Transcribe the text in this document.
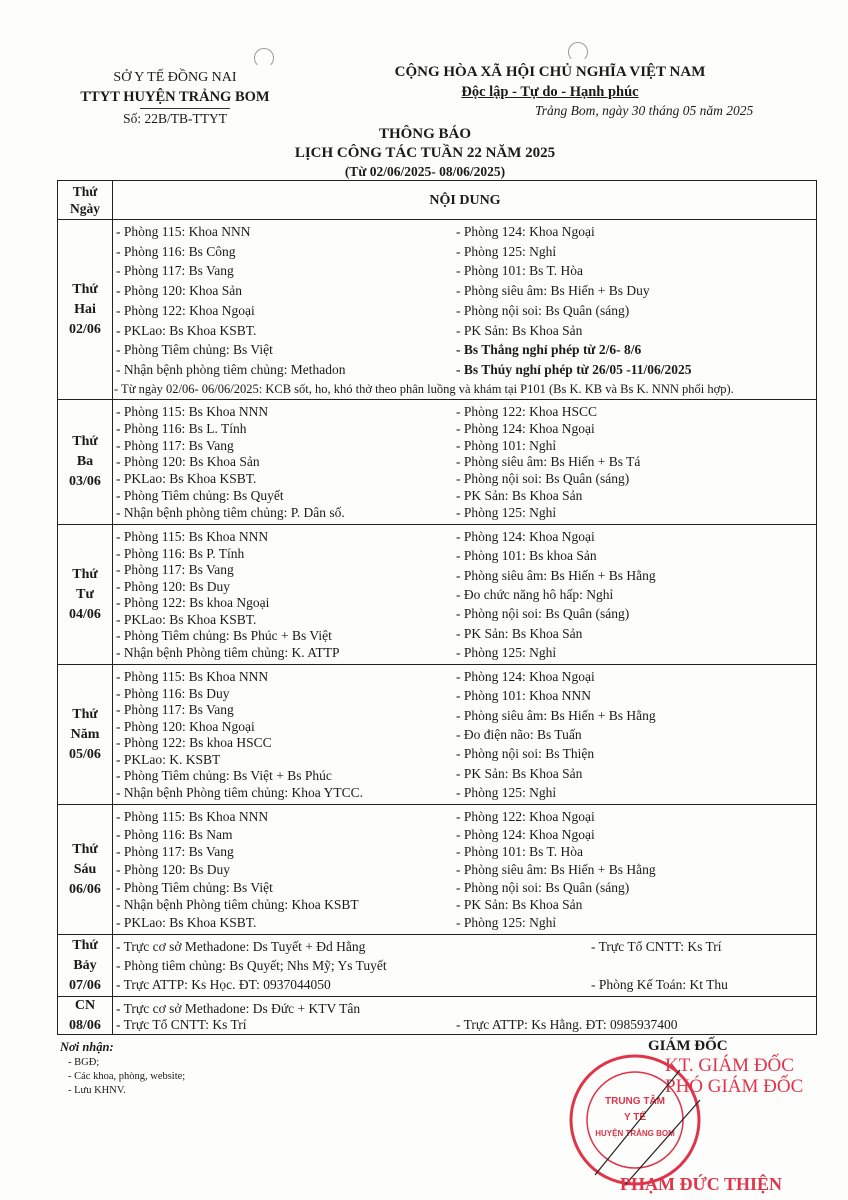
SỞ Y TẾ ĐỒNG NAI
TTYT HUYỆN TRẢNG BOM
Số: 22B/TB-TTYT
CỘNG HÒA XÃ HỘI CHỦ NGHĨA VIỆT NAM
Độc lập - Tự do - Hạnh phúc
Trảng Bom, ngày 30 tháng 05 năm 2025
THÔNG BÁO
LỊCH CÔNG TÁC TUẦN 22 NĂM 2025
(Từ 02/06/2025- 08/06/2025)
Thứ
Ngày
NỘI DUNG
Thứ
Hai
02/06
- Phòng 115: Khoa NNN
- Phòng 116: Bs Công
- Phòng 117: Bs Vang
- Phòng 120: Khoa Sản
- Phòng 122: Khoa Ngoại
- PKLao: Bs Khoa KSBT.
- Phòng Tiêm chủng: Bs Việt
- Nhận bệnh phòng tiêm chủng: Methadon
- Phòng 124: Khoa Ngoại
- Phòng 125: Nghỉ
- Phòng 101: Bs T. Hòa
- Phòng siêu âm: Bs Hiến + Bs Duy
- Phòng nội soi: Bs Quân (sáng)
- PK Sản: Bs Khoa Sản
- Bs Thắng nghỉ phép từ 2/6- 8/6
- Bs Thúy nghỉ phép từ 26/05 -11/06/2025
- Từ ngày 02/06- 06/06/2025: KCB sốt, ho, khó thở theo phân luồng và khám tại P101 (Bs K. KB và Bs K. NNN phối hợp).
Thứ
Ba
03/06
- Phòng 115: Bs Khoa NNN
- Phòng 116: Bs L. Tính
- Phòng 117: Bs Vang
- Phòng 120: Bs Khoa Sản
- PKLao: Bs Khoa KSBT.
- Phòng Tiêm chủng: Bs Quyết
- Nhận bệnh phòng tiêm chủng: P. Dân số.
- Phòng 122: Khoa HSCC
- Phòng 124: Khoa Ngoại
- Phòng 101: Nghỉ
- Phòng siêu âm: Bs Hiến + Bs Tá
- Phòng nội soi: Bs Quân (sáng)
- PK Sản: Bs Khoa Sản
- Phòng 125: Nghỉ
Thứ
Tư
04/06
- Phòng 115: Bs Khoa NNN
- Phòng 116: Bs P. Tính
- Phòng 117: Bs Vang
- Phòng 120: Bs Duy
- Phòng 122: Bs khoa Ngoại
- PKLao: Bs Khoa KSBT.
- Phòng Tiêm chủng: Bs Phúc + Bs Việt
- Nhận bệnh Phòng tiêm chủng: K. ATTP
- Phòng 124: Khoa Ngoại
- Phòng 101: Bs khoa Sản
- Phòng siêu âm: Bs Hiến + Bs Hằng
- Đo chức năng hô hấp: Nghỉ
- Phòng nội soi: Bs Quân (sáng)
- PK Sản: Bs Khoa Sản
- Phòng 125: Nghỉ
Thứ
Năm
05/06
- Phòng 115: Bs Khoa NNN
- Phòng 116: Bs Duy
- Phòng 117: Bs Vang
- Phòng 120: Khoa Ngoại
- Phòng 122: Bs khoa HSCC
- PKLao: K. KSBT
- Phòng Tiêm chủng: Bs Việt + Bs Phúc
- Nhận bệnh Phòng tiêm chủng: Khoa YTCC.
- Phòng 124: Khoa Ngoại
- Phòng 101: Khoa NNN
- Phòng siêu âm: Bs Hiến + Bs Hằng
- Đo điện não: Bs Tuấn
- Phòng nội soi: Bs Thiện
- PK Sản: Bs Khoa Sản
- Phòng 125: Nghỉ
Thứ
Sáu
06/06
- Phòng 115: Bs Khoa NNN
- Phòng 116: Bs Nam
- Phòng 117: Bs Vang
- Phòng 120: Bs Duy
- Phòng Tiêm chủng: Bs Việt
- Nhận bệnh Phòng tiêm chủng: Khoa KSBT
- PKLao: Bs Khoa KSBT.
- Phòng 122: Khoa Ngoại
- Phòng 124: Khoa Ngoại
- Phòng 101: Bs T. Hòa
- Phòng siêu âm: Bs Hiến + Bs Hằng
- Phòng nội soi: Bs Quân (sáng)
- PK Sản: Bs Khoa Sản
- Phòng 125: Nghỉ
Thứ
Bảy
07/06
- Trực cơ sở Methadone: Ds Tuyết + Đd Hằng
- Phòng tiêm chủng: Bs Quyết; Nhs Mỹ; Ys Tuyết
- Trực ATTP: Ks Học. ĐT: 0937044050
- Trực Tổ CNTT: Ks Trí
- Phòng Kế Toán: Kt Thu
CN
08/06
- Trực cơ sở Methadone: Ds Đức + KTV Tân
- Trực Tổ CNTT: Ks Trí
	- Trực ATTP: Ks Hằng. ĐT: 0985937400
Nơi nhận:
- BGĐ;
- Các khoa, phòng, website;
- Lưu KHNV.
GIÁM ĐỐC
KT. GIÁM ĐỐC
PHÓ GIÁM ĐỐC
TRUNG TÂM
Y TẾ
HUYỆN TRẢNG BOM
PHẠM ĐỨC THIỆN
